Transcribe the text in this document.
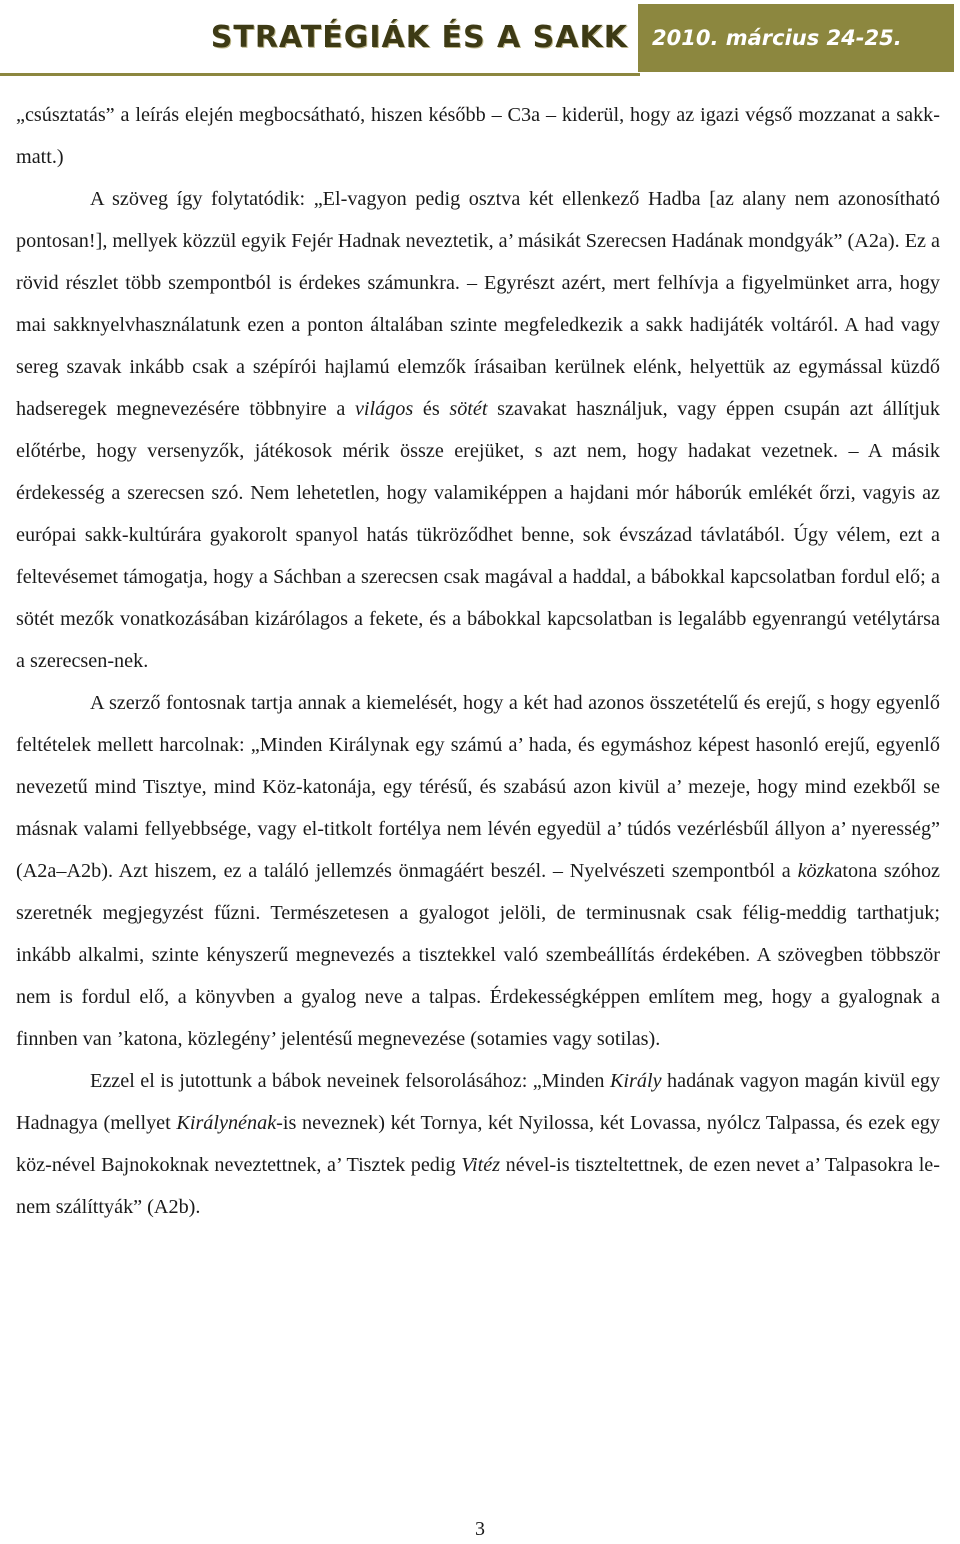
STRATÉGIÁK ÉS A SAKK	2010. március 24-25.

„csúsztatás” a leírás elején megbocsátható, hiszen később – C3a – kiderül, hogy az igazi végső mozzanat a sakk-matt.)

A szöveg így folytatódik: „El-vagyon pedig osztva két ellenkező Hadba [az alany nem azonosítható pontosan!], mellyek közzül egyik Fejér Hadnak neveztetik, a’ másikát Szerecsen Hadának mondgyák” (A2a). Ez a rövid részlet több szempontból is érdekes számunkra. – Egyrészt azért, mert felhívja a figyelmünket arra, hogy mai sakknyelvhasználatunk ezen a ponton általában szinte megfeledkezik a sakk hadijáték voltáról. A had vagy sereg szavak inkább csak a szépírói hajlamú elemzők írásaiban kerülnek elénk, helyettük az egymással küzdő hadseregek megnevezésére többnyire a világos és sötét szavakat használjuk, vagy éppen csupán azt állítjuk előtérbe, hogy versenyzők, játékosok mérik össze erejüket, s azt nem, hogy hadakat vezetnek. – A másik érdekesség a szerecsen szó. Nem lehetetlen, hogy valamiképpen a hajdani mór háborúk emlékét őrzi, vagyis az európai sakk-kultúrára gyakorolt spanyol hatás tükröződhet benne, sok évszázad távlatából. Úgy vélem, ezt a feltevésemet támogatja, hogy a Sáchban a szerecsen csak magával a haddal, a bábokkal kapcsolatban fordul elő; a sötét mezők vonatkozásában kizárólagos a fekete, és a bábokkal kapcsolatban is legalább egyenrangú vetélytársa a szerecsen-nek.

A szerző fontosnak tartja annak a kiemelését, hogy a két had azonos összetételű és erejű, s hogy egyenlő feltételek mellett harcolnak: „Minden Királynak egy számú a’ hada, és egymáshoz képest hasonló erejű, egyenlő nevezetű mind Tisztye, mind Köz-katonája, egy térésű, és szabású azon kivül a’ mezeje, hogy mind ezekből se másnak valami fellyebbsége, vagy el-titkolt fortélya nem lévén egyedül a’ túdós vezérlésbűl állyon a’ nyeresség” (A2a–A2b). Azt hiszem, ez a találó jellemzés önmagáért beszél. – Nyelvészeti szempontból a közkatona szóhoz szeretnék megjegyzést fűzni. Természetesen a gyalogot jelöli, de terminusnak csak félig-meddig tarthatjuk; inkább alkalmi, szinte kényszerű megnevezés a tisztekkel való szembeállítás érdekében. A szövegben többször nem is fordul elő, a könyvben a gyalog neve a talpas. Érdekességképpen említem meg, hogy a gyalognak a finnben van ’katona, közlegény’ jelentésű megnevezése (sotamies vagy sotilas).

Ezzel el is jutottunk a bábok neveinek felsorolásához: „Minden Király hadának vagyon magán kivül egy Hadnagya (mellyet Királynénak-is neveznek) két Tornya, két Nyilossa, két Lovassa, nyólcz Talpassa, és ezek egy köz-nével Bajnokoknak neveztettnek, a’ Tisztek pedig Vitéz nével-is tiszteltettnek, de ezen nevet a’ Talpasokra le-nem szálíttyák” (A2b).

3
